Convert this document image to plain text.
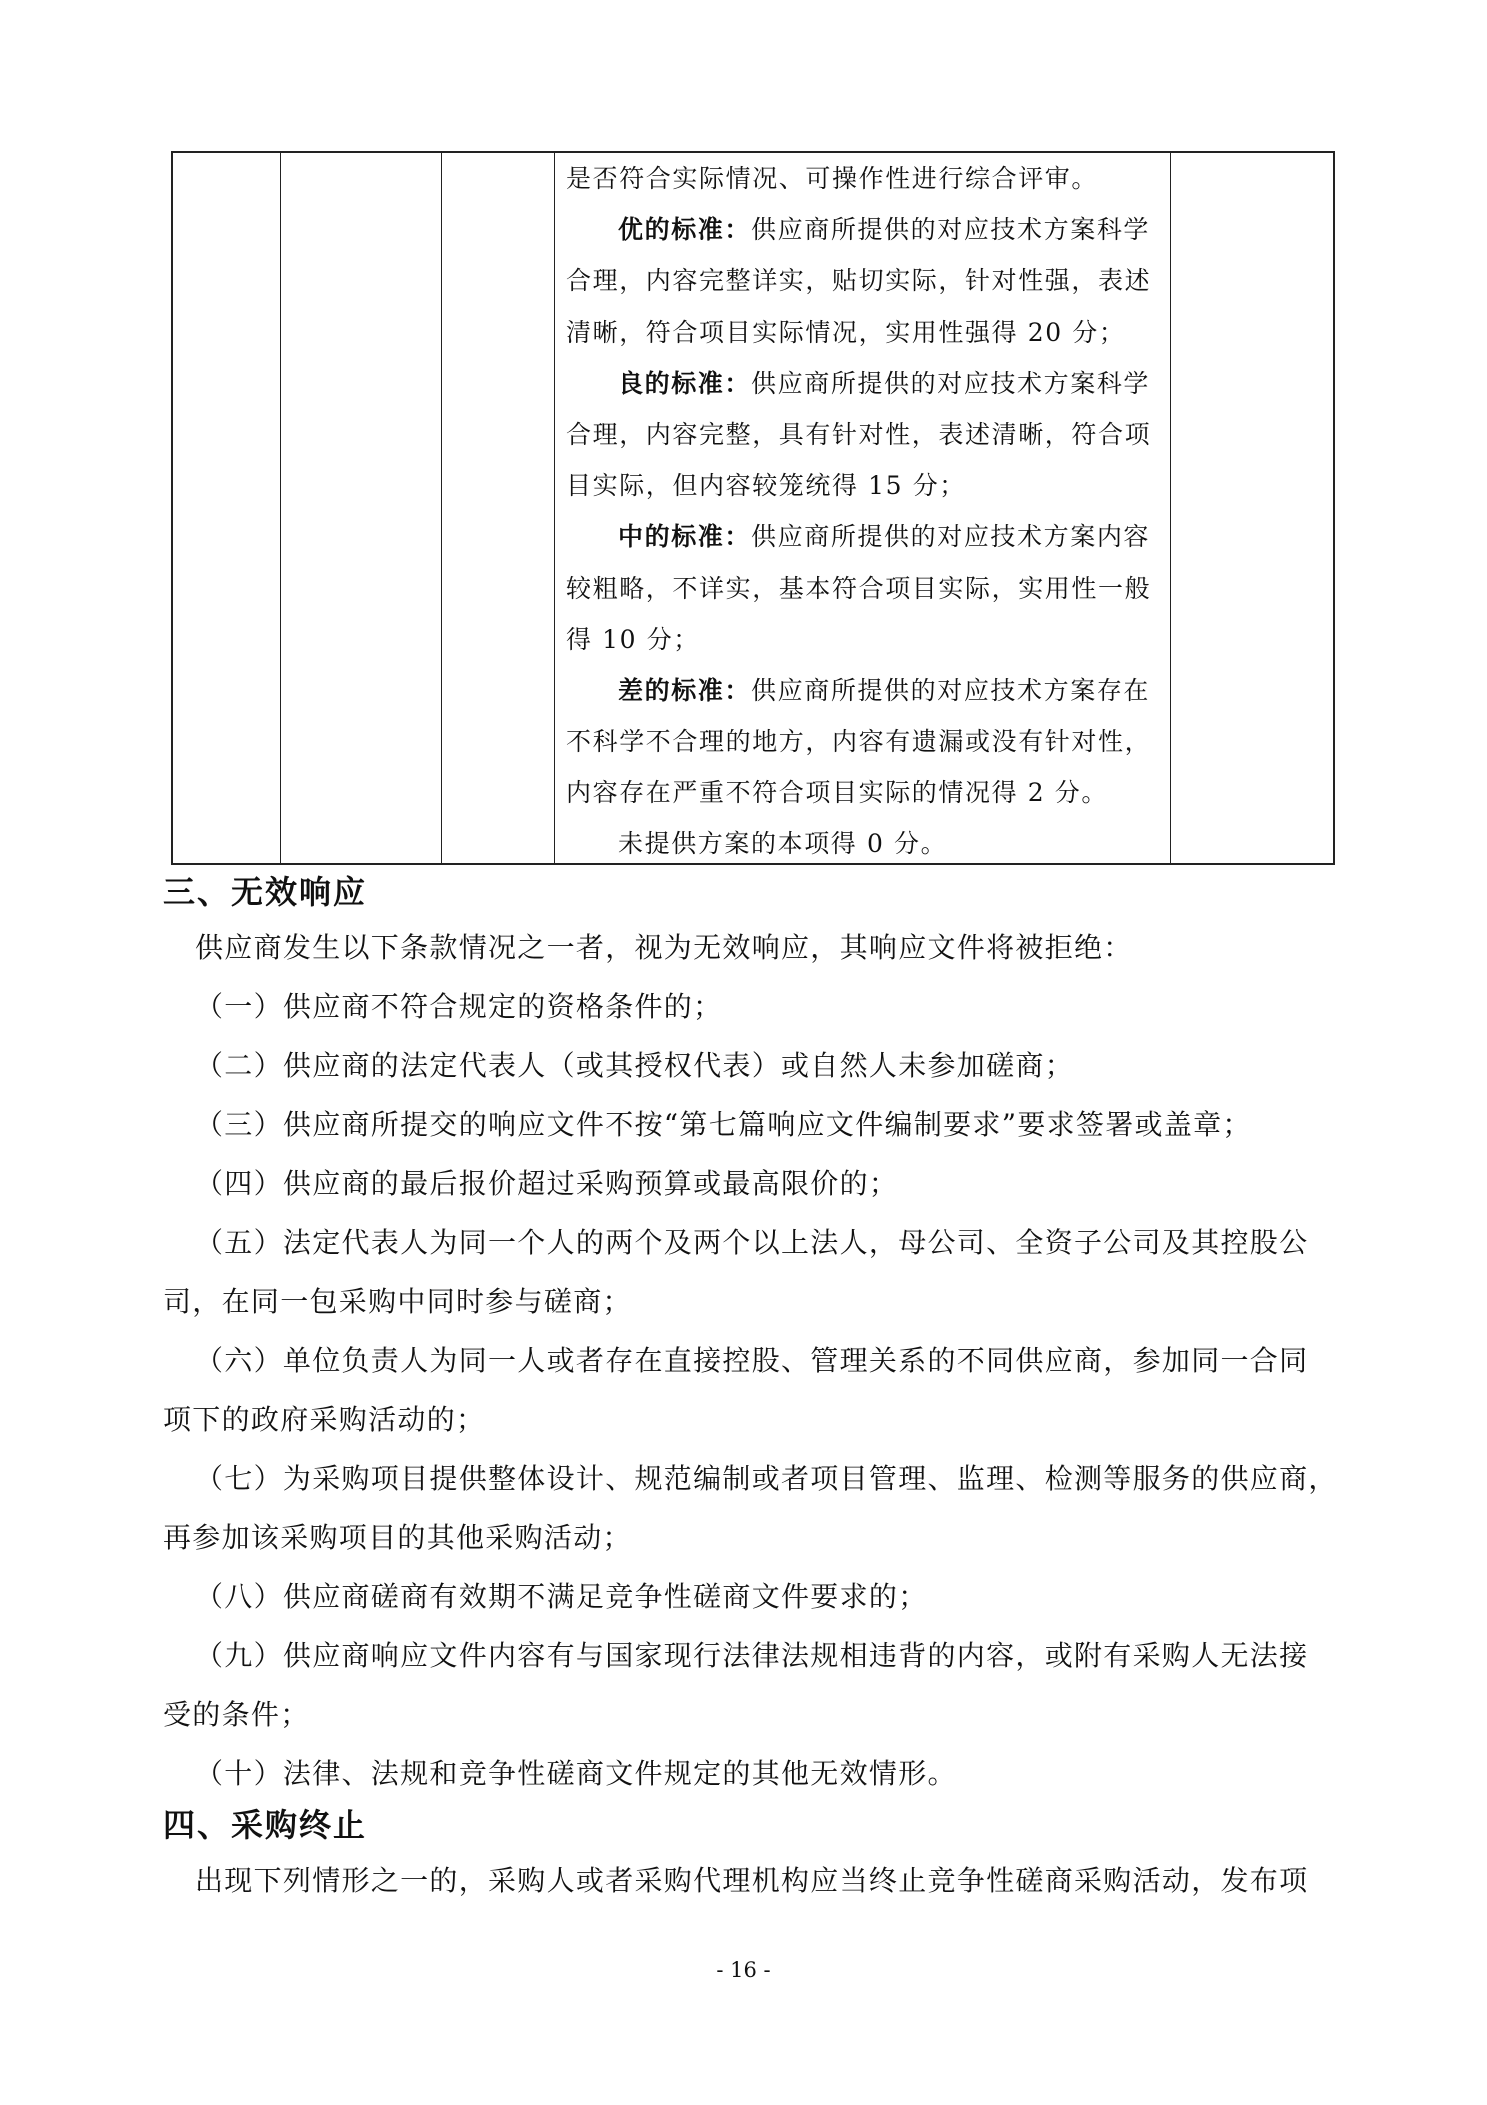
是否符合实际情况、可操作性进行综合评审。
优的标准：供应商所提供的对应技术方案科学
合理，内容完整详实，贴切实际，针对性强，表述
清晰，符合项目实际情况，实用性强得 20 分；
良的标准：供应商所提供的对应技术方案科学
合理，内容完整，具有针对性，表述清晰，符合项
目实际，但内容较笼统得 15 分；
中的标准：供应商所提供的对应技术方案内容
较粗略，不详实，基本符合项目实际，实用性一般
得 10 分；
差的标准：供应商所提供的对应技术方案存在
不科学不合理的地方，内容有遗漏或没有针对性，
内容存在严重不符合项目实际的情况得 2 分。
未提供方案的本项得 0 分。
三、无效响应
供应商发生以下条款情况之一者，视为无效响应，其响应文件将被拒绝：
（一）供应商不符合规定的资格条件的；
（二）供应商的法定代表人（或其授权代表）或自然人未参加磋商；
（三）供应商所提交的响应文件不按“第七篇响应文件编制要求”要求签署或盖章；
（四）供应商的最后报价超过采购预算或最高限价的；
（五）法定代表人为同一个人的两个及两个以上法人，母公司、全资子公司及其控股公
司，在同一包采购中同时参与磋商；
（六）单位负责人为同一人或者存在直接控股、管理关系的不同供应商，参加同一合同
项下的政府采购活动的；
（七）为采购项目提供整体设计、规范编制或者项目管理、监理、检测等服务的供应商，
再参加该采购项目的其他采购活动；
（八）供应商磋商有效期不满足竞争性磋商文件要求的；
（九）供应商响应文件内容有与国家现行法律法规相违背的内容，或附有采购人无法接
受的条件；
（十）法律、法规和竞争性磋商文件规定的其他无效情形。
四、采购终止
出现下列情形之一的，采购人或者采购代理机构应当终止竞争性磋商采购活动，发布项
- 16 -
